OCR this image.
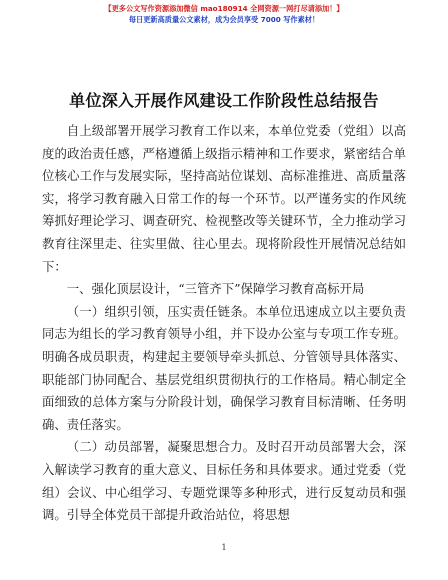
【更多公文写作资源添加微信 mao180914 全网资源一网打尽请添加！】
每日更新高质量公文素材，成为会员享受 7000 写作素材！
单位深入开展作风建设工作阶段性总结报告

自上级部署开展学习教育工作以来，本单位党委（党组）以高度的政治责任感，严格遵循上级指示精神和工作要求，紧密结合单位核心工作与发展实际，坚持高站位谋划、高标准推进、高质量落实，将学习教育融入日常工作的每一个环节。以严谨务实的作风统筹抓好理论学习、调查研究、检视整改等关键环节，全力推动学习教育往深里走、往实里做、往心里去。现将阶段性开展情况总结如下：

一、强化顶层设计，“三管齐下”保障学习教育高标开局

（一）组织引领，压实责任链条。本单位迅速成立以主要负责同志为组长的学习教育领导小组，并下设办公室与专项工作专班。明确各成员职责，构建起主要领导牵头抓总、分管领导具体落实、职能部门协同配合、基层党组织贯彻执行的工作格局。精心制定全面细致的总体方案与分阶段计划，确保学习教育目标清晰、任务明确、责任落实。

（二）动员部署，凝聚思想合力。及时召开动员部署大会，深入解读学习教育的重大意义、目标任务和具体要求。通过党委（党组）会议、中心组学习、专题党课等多种形式，进行反复动员和强调。引导全体党员干部提升政治站位，将思想

1
